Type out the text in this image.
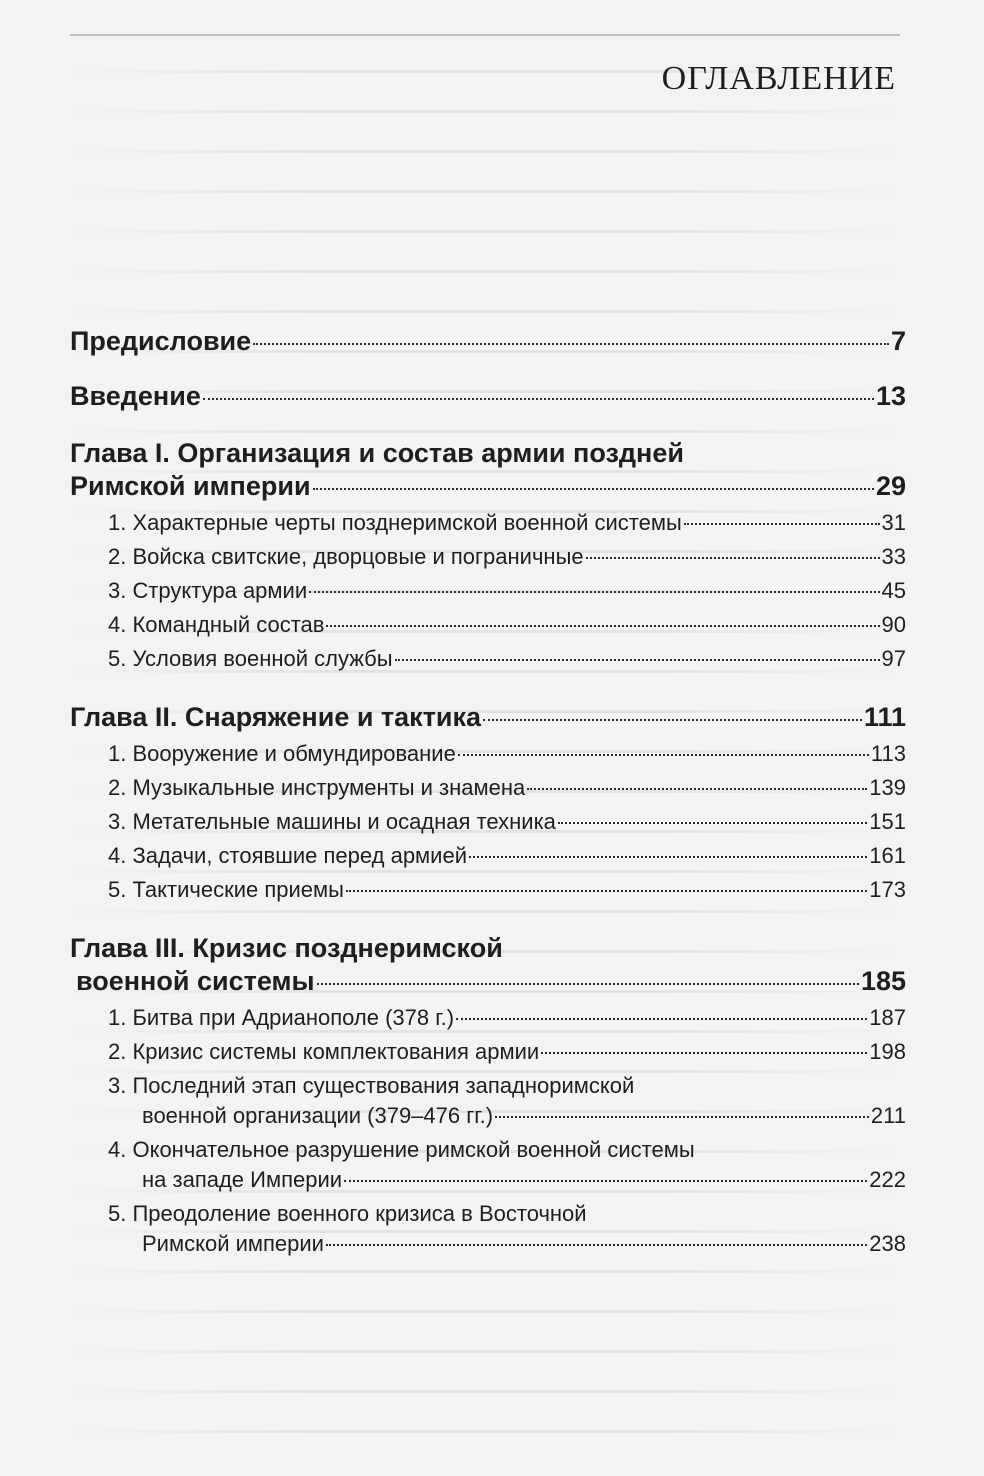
ОГЛАВЛЕНИЕ
Предисловие	7
Введение	13
Глава I. Организация и состав армии поздней
Римской империи	29
1. Характерные черты позднеримской военной системы	31
2. Войска свитские, дворцовые и пограничные	33
3. Структура армии	45
4. Командный состав	90
5. Условия военной службы	97
Глава II. Снаряжение и тактика	111
1. Вооружение и обмундирование	113
2. Музыкальные инструменты и знамена	139
3. Метательные машины и осадная техника	151
4. Задачи, стоявшие перед армией	161
5. Тактические приемы	173
Глава III. Кризис позднеримской
военной системы	185
1. Битва при Адрианополе (378 г.)	187
2. Кризис системы комплектования армии	198
3. Последний этап существования западноримской
военной организации (379–476 гг.)	211
4. Окончательное разрушение римской военной системы
на западе Империи	222
5. Преодоление военного кризиса в Восточной
Римской империи	238
